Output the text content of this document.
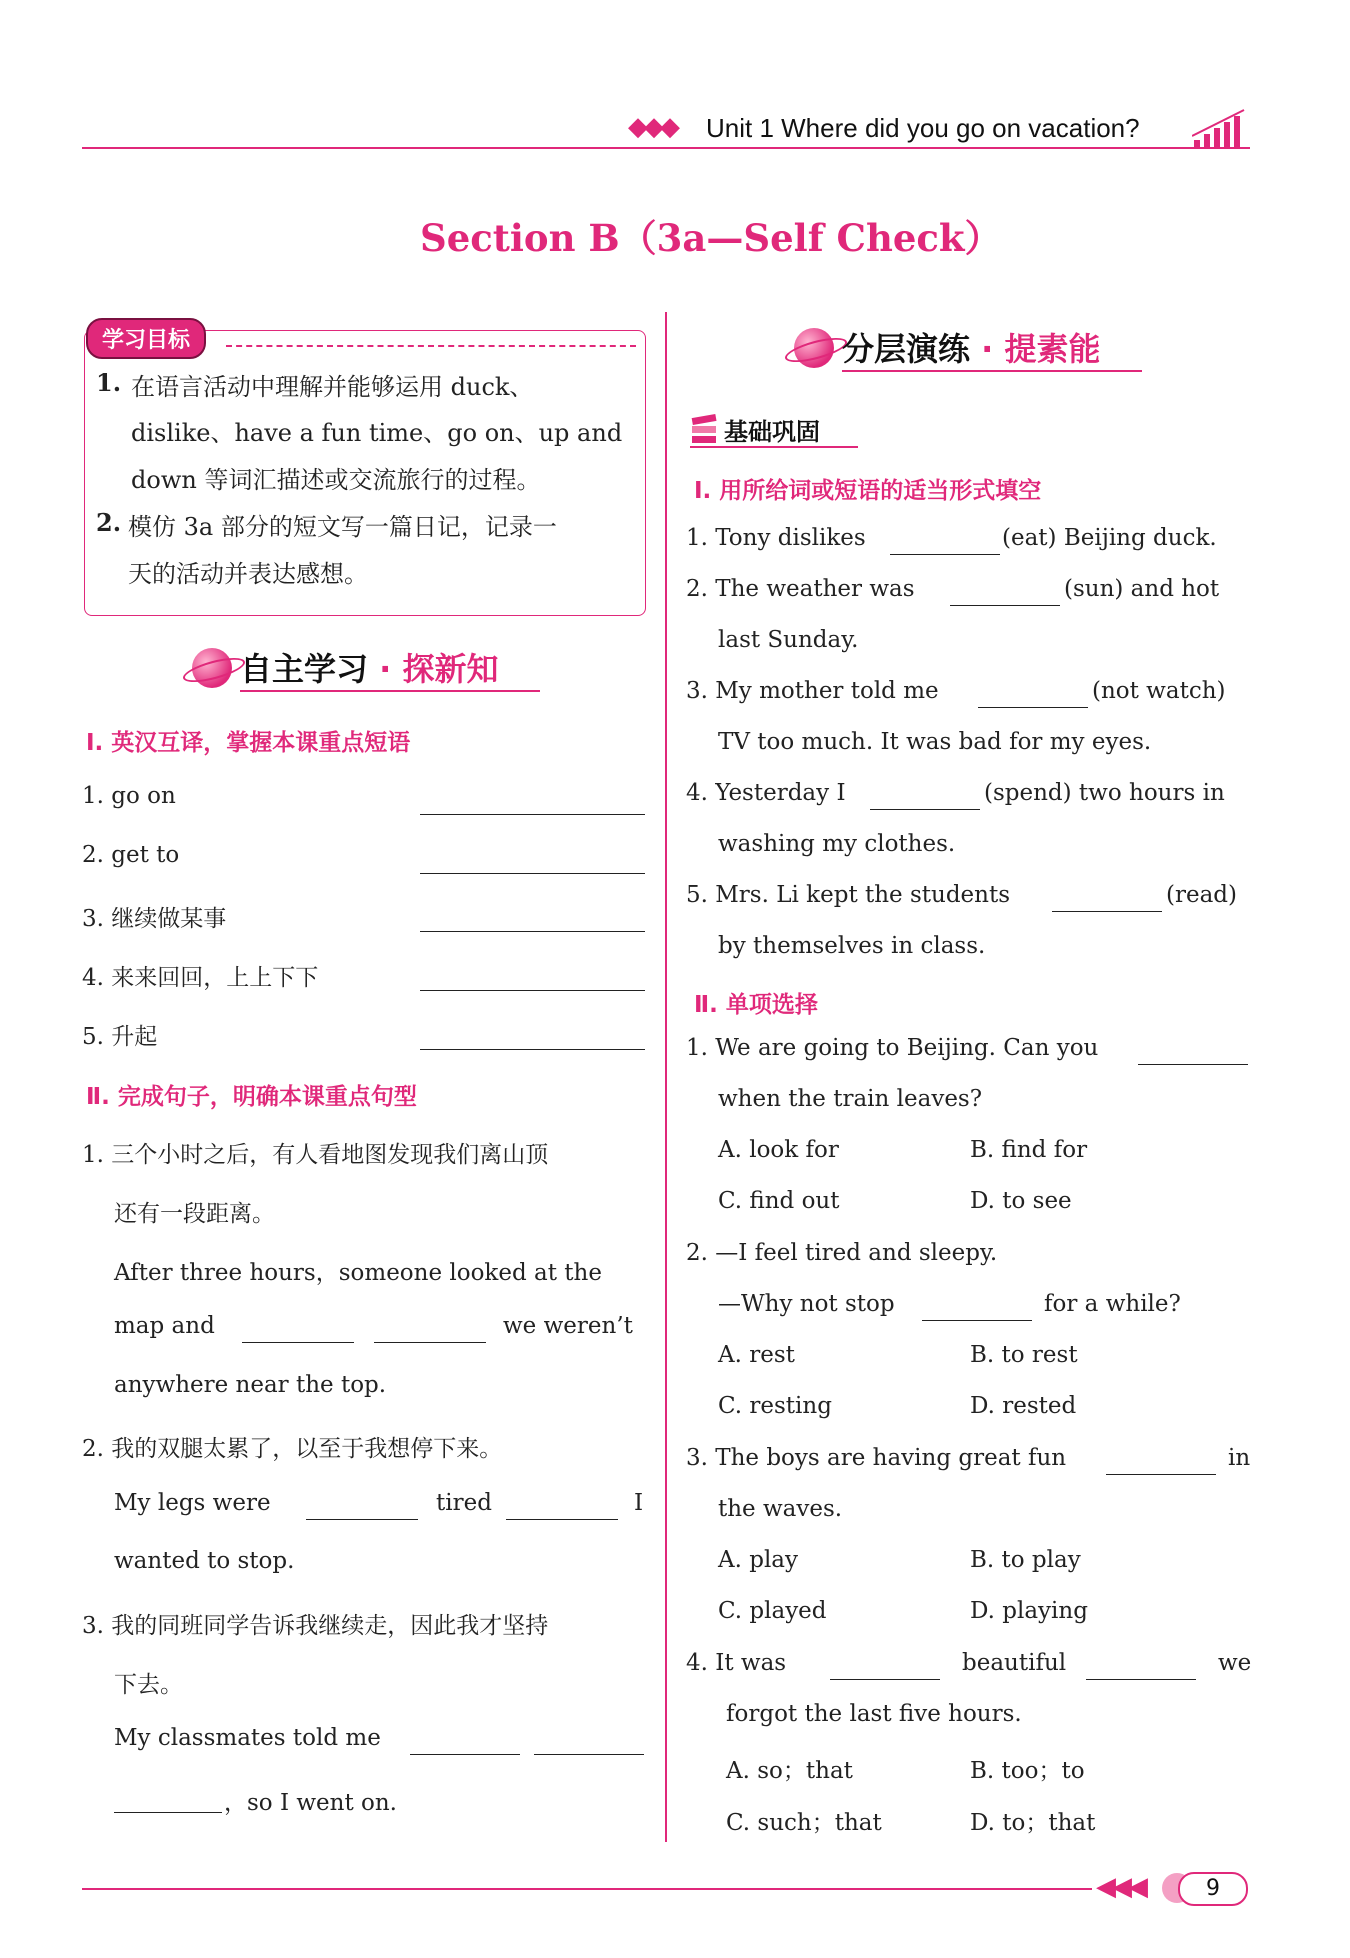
◆◆◆ Unit 1 Where did you go on vacation?
Section B（3a—Self Check）
学习目标
1. 在语言活动中理解并能够运用 duck、
dislike、have a fun time、go on、up and
down 等词汇描述或交流旅行的过程。
2. 模仿 3a 部分的短文写一篇日记，记录一
天的活动并表达感想。
自主学习 · 探新知
Ⅰ. 英汉互译，掌握本课重点短语
1. go on
2. get to
3. 继续做某事
4. 来来回回，上上下下
5. 升起
Ⅱ. 完成句子，明确本课重点句型
1. 三个小时之后，有人看地图发现我们离山顶
还有一段距离。
After three hours，someone looked at the
map and	we weren’t
anywhere near the top.
2. 我的双腿太累了，以至于我想停下来。
My legs were	tired	I
wanted to stop.
3. 我的同班同学告诉我继续走，因此我才坚持
下去。
My classmates told me
，so I went on.
分层演练 · 提素能
基础巩固
Ⅰ. 用所给词或短语的适当形式填空
1. Tony dislikes	(eat) Beijing duck.
2. The weather was	(sun) and hot
last Sunday.
3. My mother told me	(not watch)
TV too much. It was bad for my eyes.
4. Yesterday I	(spend) two hours in
washing my clothes.
5. Mrs. Li kept the students	(read)
by themselves in class.
Ⅱ. 单项选择
1. We are going to Beijing. Can you
when the train leaves?
A. look for	B. find for
C. find out	D. to see
2. —I feel tired and sleepy.
—Why not stop	for a while?
A. rest	B. to rest
C. resting	D. rested
3. The boys are having great fun	in
the waves.
A. play	B. to play
C. played	D. playing
4. It was	beautiful	we
forgot the last five hours.
A. so；that	B. too；to
C. such；that	D. to；that
◀◀◀	9
